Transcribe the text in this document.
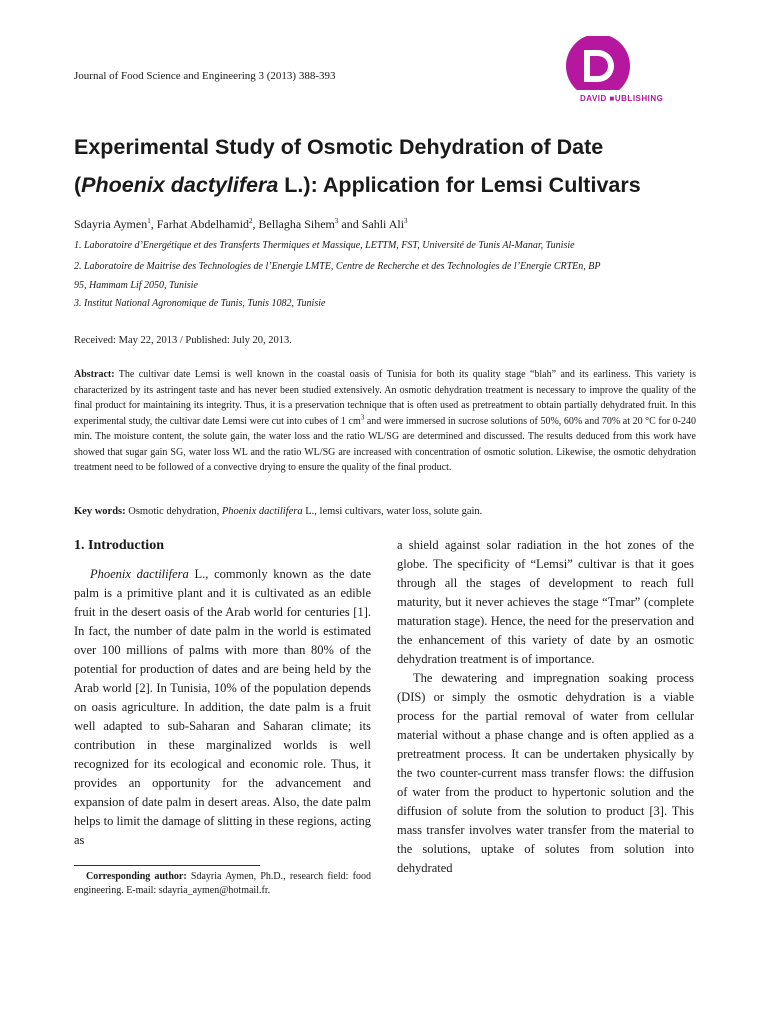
Journal of Food Science and Engineering 3 (2013) 388-393
DAVID ■UBLISHING
Experimental Study of Osmotic Dehydration of Date
(Phoenix dactylifera L.): Application for Lemsi Cultivars
Sdayria Aymen$^1$, Farhat Abdelhamid$^2$, Bellagha Sihem$^3$ and Sahli Ali$^3$
1. Laboratoire d’Energétique et des Transferts Thermiques et Massique, LETTM, FST, Université de Tunis Al-Manar, Tunisie
2. Laboratoire de Maitrise des Technologies de l’Energie LMTE, Centre de Recherche et des Technologies de l’Energie CRTEn, BP
95, Hammam Lif 2050, Tunisie
3. Institut National Agronomique de Tunis, Tunis 1082, Tunisie
Received: May 22, 2013 / Published: July 20, 2013.
Abstract: The cultivar date Lemsi is well known in the coastal oasis of Tunisia for both its quality stage “blah” and its earliness. This variety is characterized by its astringent taste and has never been studied extensively. An osmotic dehydration treatment is necessary to improve the quality of the final product for maintaining its integrity. Thus, it is a preservation technique that is often used as pretreatment to obtain partially dehydrated fruit. In this experimental study, the cultivar date Lemsi were cut into cubes of 1 $cm^3$ and were immersed in sucrose solutions of 50%, 60% and 70% at 20 °C for 0-240 min. The moisture content, the solute gain, the water loss and the ratio WL/SG are determined and discussed. The results deduced from this work have showed that sugar gain SG, water loss WL and the ratio WL/SG are increased with concentration of osmotic solution. Likewise, the osmotic dehydration treatment need to be followed of a convective drying to ensure the quality of the final product.
Key words: Osmotic dehydration, Phoenix dactilifera L., lemsi cultivars, water loss, solute gain.
1. Introduction

Phoenix dactilifera L., commonly known as the date palm is a primitive plant and it is cultivated as an edible fruit in the desert oasis of the Arab world for centuries [1]. In fact, the number of date palm in the world is estimated over 100 millions of palms with more than 80% of the potential for production of dates and are being held by the Arab world [2]. In Tunisia, 10% of the population depends on oasis agriculture. In addition, the date palm is a fruit well adapted to sub-Saharan and Saharan climate; its contribution in these marginalized worlds is well recognized for its ecological and economic role. Thus, it provides an opportunity for the advancement and expansion of date palm in desert areas. Also, the date palm helps to limit the damage of slitting in these regions, acting as

a shield against solar radiation in the hot zones of the globe. The specificity of “Lemsi” cultivar is that it goes through all the stages of development to reach full maturity, but it never achieves the stage “Tmar” (complete maturation stage). Hence, the need for the preservation and the enhancement of this variety of date by an osmotic dehydration treatment is of importance.

The dewatering and impregnation soaking process (DIS) or simply the osmotic dehydration is a viable process for the partial removal of water from cellular material without a phase change and is often applied as a pretreatment process. It can be undertaken physically by the two counter-current mass transfer flows: the diffusion of water from the product to hypertonic solution and the diffusion of solute from the solution to product [3]. This mass transfer involves water transfer from the material to the solutions, uptake of solutes from solution into dehydrated

Corresponding author: Sdayria Aymen, Ph.D., research field: food engineering. E-mail: sdayria_aymen@hotmail.fr.
